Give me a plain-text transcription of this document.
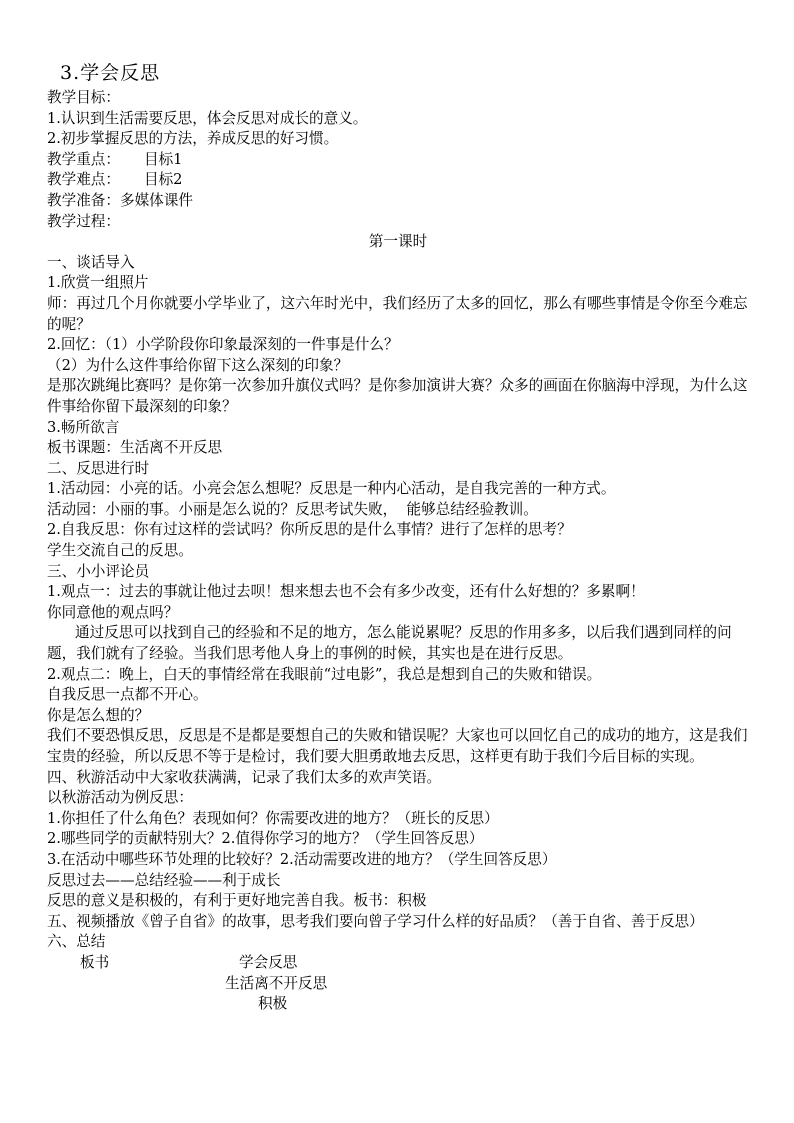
3.学会反思

教学目标：

1.认识到生活需要反思，体会反思对成长的意义。

2.初步掌握反思的方法，养成反思的好习惯。

教学重点： 目标1

教学难点： 目标2

教学准备：多媒体课件

教学过程：

第一课时

一、谈话导入

1.欣赏一组照片

师：再过几个月你就要小学毕业了，这六年时光中，我们经历了太多的回忆，那么有哪些事情是令你至今难忘的呢？

2.回忆：（1）小学阶段你印象最深刻的一件事是什么？

（2）为什么这件事给你留下这么深刻的印象？

是那次跳绳比赛吗？是你第一次参加升旗仪式吗？是你参加演讲大赛？众多的画面在你脑海中浮现，为什么这件事给你留下最深刻的印象？

3.畅所欲言

板书课题：生活离不开反思

二、反思进行时

1.活动园：小亮的话。小亮会怎么想呢？反思是一种内心活动，是自我完善的一种方式。

活动园：小丽的事。小丽是怎么说的？反思考试失败，  能够总结经验教训。

2.自我反思：你有过这样的尝试吗？你所反思的是什么事情？进行了怎样的思考？

学生交流自己的反思。

三、小小评论员

1.观点一：过去的事就让他过去呗！想来想去也不会有多少改变，还有什么好想的？多累啊！

你同意他的观点吗？

通过反思可以找到自己的经验和不足的地方，怎么能说累呢？反思的作用多多，以后我们遇到同样的问题，我们就有了经验。当我们思考他人身上的事例的时候，其实也是在进行反思。

2.观点二：晚上，白天的事情经常在我眼前“过电影”，我总是想到自己的失败和错误。

自我反思一点都不开心。

你是怎么想的？

我们不要恐惧反思，反思是不是都是要想自己的失败和错误呢？大家也可以回忆自己的成功的地方，这是我们宝贵的经验，所以反思不等于是检讨，我们要大胆勇敢地去反思，这样更有助于我们今后目标的实现。

四、秋游活动中大家收获满满，记录了我们太多的欢声笑语。

以秋游活动为例反思：

1.你担任了什么角色？表现如何？你需要改进的地方？（班长的反思）

2.哪些同学的贡献特别大？2.值得你学习的地方？（学生回答反思）

3.在活动中哪些环节处理的比较好？2.活动需要改进的地方？（学生回答反思）

反思过去——总结经验——利于成长

反思的意义是积极的，有利于更好地完善自我。板书：积极

五、视频播放《曾子自省》的故事，思考我们要向曾子学习什么样的好品质？（善于自省、善于反思）

六、总结

板书	学会反思
生活离不开反思
积极
